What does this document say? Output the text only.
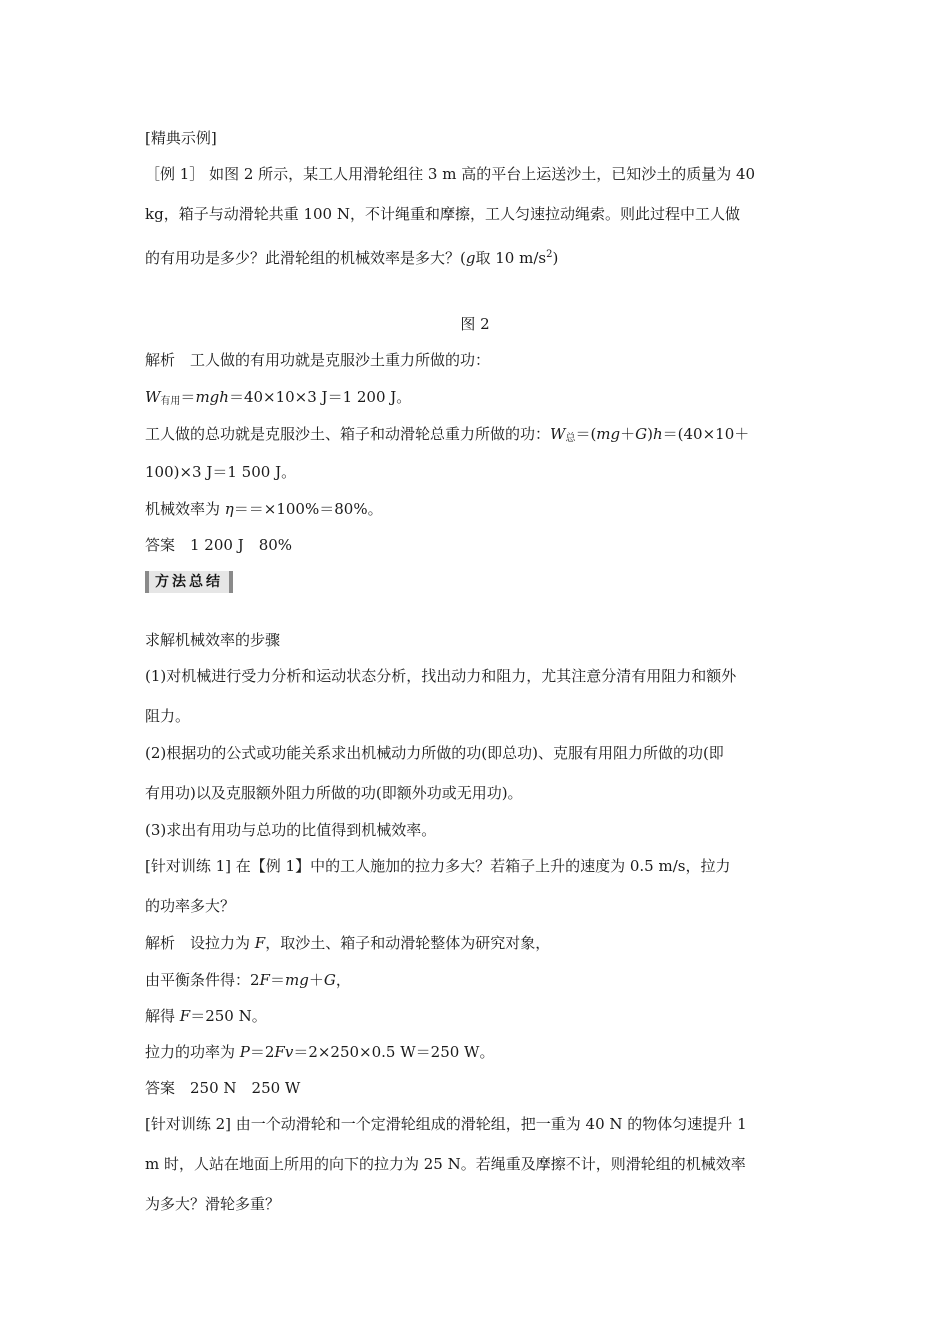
[精典示例]
［例 1］ 如图 2 所示，某工人用滑轮组往 3 m 高的平台上运送沙土，已知沙土的质量为 40
kg，箱子与动滑轮共重 100 N，不计绳重和摩擦，工人匀速拉动绳索。则此过程中工人做
的有用功是多少？此滑轮组的机械效率是多大？(g取 10 $m/s^2$)
图 2
解析　工人做的有用功就是克服沙土重力所做的功：
$W_{有用}=mgh=40\times 10\times 3$ J＝1 200 J。
工人做的总功就是克服沙土、箱子和动滑轮总重力所做的功：$W_总=(mg+G)h=(40\times 10+$
100)×3 J＝1 500 J。
机械效率为 η＝＝×100%＝80%。
答案　1 200 J　80%
方法总结
求解机械效率的步骤
(1)对机械进行受力分析和运动状态分析，找出动力和阻力，尤其注意分清有用阻力和额外
阻力。
(2)根据功的公式或功能关系求出机械动力所做的功(即总功)、克服有用阻力所做的功(即
有用功)以及克服额外阻力所做的功(即额外功或无用功)。
(3)求出有用功与总功的比值得到机械效率。
[针对训练 1] 在【例 1】中的工人施加的拉力多大？若箱子上升的速度为 0.5 m/s，拉力
的功率多大？
解析　设拉力为 F，取沙土、箱子和动滑轮整体为研究对象，
由平衡条件得：2F＝mg＋G，
解得 F＝250 N。
拉力的功率为 P＝2Fv＝2×250×0.5 W＝250 W。
答案　250 N　250 W
[针对训练 2] 由一个动滑轮和一个定滑轮组成的滑轮组，把一重为 40 N 的物体匀速提升 1
m 时，人站在地面上所用的向下的拉力为 25 N。若绳重及摩擦不计，则滑轮组的机械效率
为多大？滑轮多重？
